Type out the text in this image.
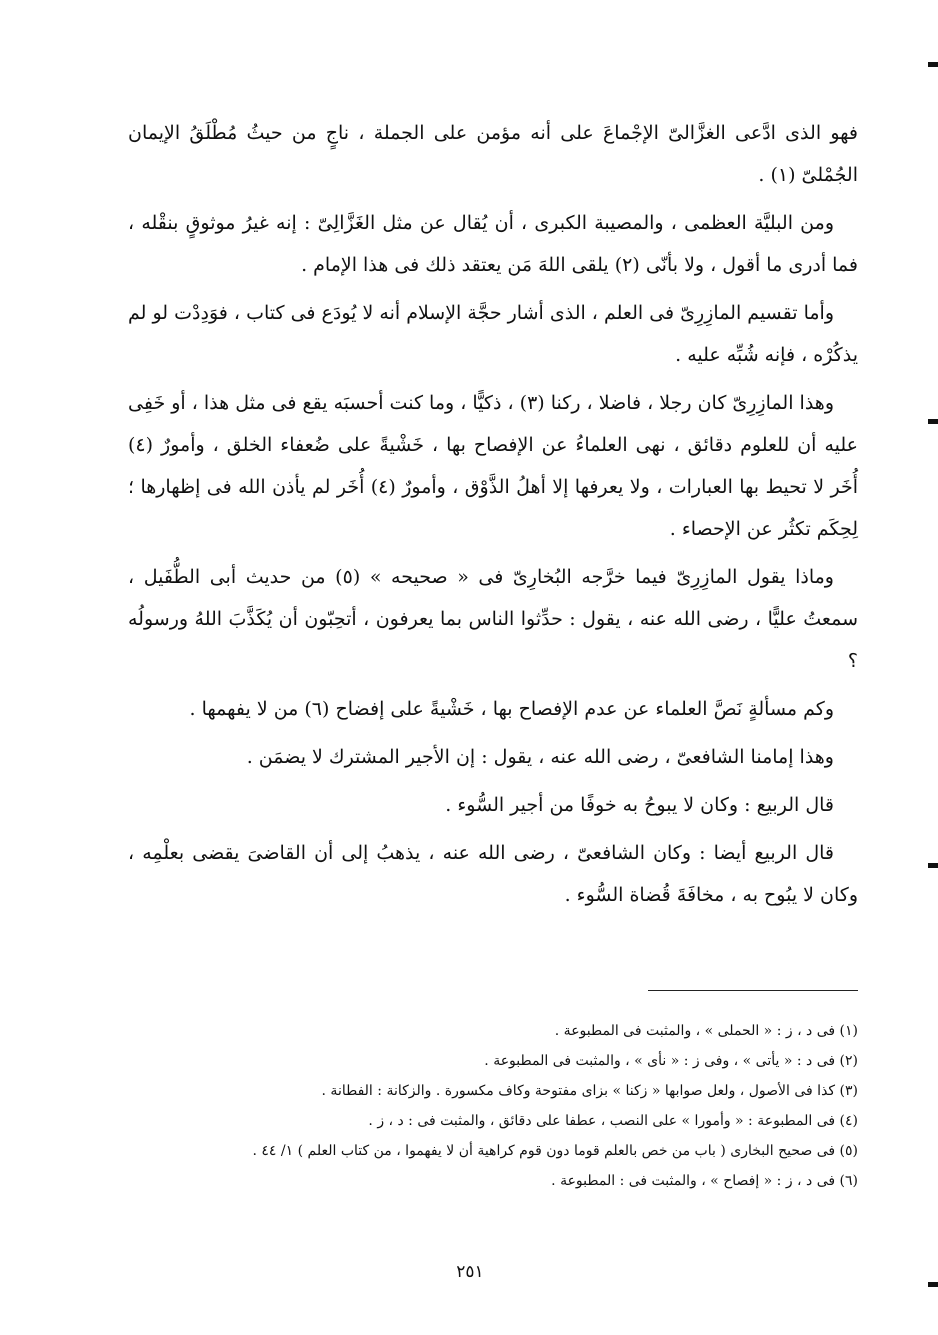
فهو الذى ادَّعى الغزَّالىّ الإجْماعَ على أنه مؤمن على الجملة ، ناجٍ من حيثُ مُطْلَقُ الإيمان الجُمْلىّ (١) .

ومن البليَّة العظمى ، والمصيبة الكبرى ، أن يُقال عن مثل الغَزَّالِىّ : إنه غيرُ موثوقٍ بنقْله ، فما أدرى ما أقول ، ولا بأنّى (٢) يلقى اللهَ مَن يعتقد ذلك فى هذا الإمام .

وأما تقسيم المازِرِىّ فى العلم ، الذى أشار حجَّة الإسلام أنه لا يُودَع فى كتاب ، فوَدِدْت لو لم يذكُرْه ، فإنه شُبِّه عليه .

وهذا المازِرِىّ كان رجلا ، فاضلا ، ركنا (٣) ، ذكيًّا ، وما كنت أحسبَه يقع فى مثل هذا ، أو خَفِى عليه أن للعلوم دقائق ، نهى العلماءُ عن الإفصاح بها ، خَشْيةً على ضُعفاء الخلق ، وأمورٌ (٤) أُخَر لا تحيط بها العبارات ، ولا يعرفها إلا أهلُ الذَّوْق ، وأمورٌ (٤) أُخَر لم يأذن الله فى إظهارها ؛ لِحِكَم تكثُر عن الإحصاء .

وماذا يقول المازِرِىّ فيما خرَّجه البُخارِىّ فى « صحيحه » (٥) من حديث أبى الطُّفَيل ، سمعتُ عليًّا ، رضى الله عنه ، يقول : حدِّثوا الناس بما يعرفون ، أتحِبّون أن يُكَذَّبَ اللهُ ورسولُه ؟

وكم مسألةٍ نَصَّ العلماء عن عدم الإفصاح بها ، خَشْيةً على إفضاح (٦) من لا يفهمها .

وهذا إمامنا الشافعىّ ، رضى الله عنه ، يقول : إن الأجير المشترك لا يضمَن .

قال الربيع : وكان لا يبوحُ به خوفًا من أجير السُّوء .

قال الربيع أيضا : وكان الشافعىّ ، رضى الله عنه ، يذهبُ إلى أن القاضىَ يقضى بعلْمِه ، وكان لا يبُوح به ، مخافَةَ قُضاة السُّوء .

(١) فى د ، ز : « الحملى » ، والمثبت فى المطبوعة .

(٢) فى د : « يأتى » ، وفى ز : « نأى » ، والمثبت فى المطبوعة .

(٣) كذا فى الأصول ، ولعل صوابها « زكنا » بزاى مفتوحة وكاف مكسورة . والزكانة : الفطانة .

(٤) فى المطبوعة : « وأمورا » على النصب ، عطفا على دقائق ، والمثبت فى : د ، ز .

(٥) فى صحيح البخارى ( باب من خص بالعلم قوما دون قوم كراهية أن لا يفهموا ، من كتاب العلم ) ١/ ٤٤ .

(٦) فى د ، ز : « إفصاح » ، والمثبت فى : المطبوعة .

٢٥١
